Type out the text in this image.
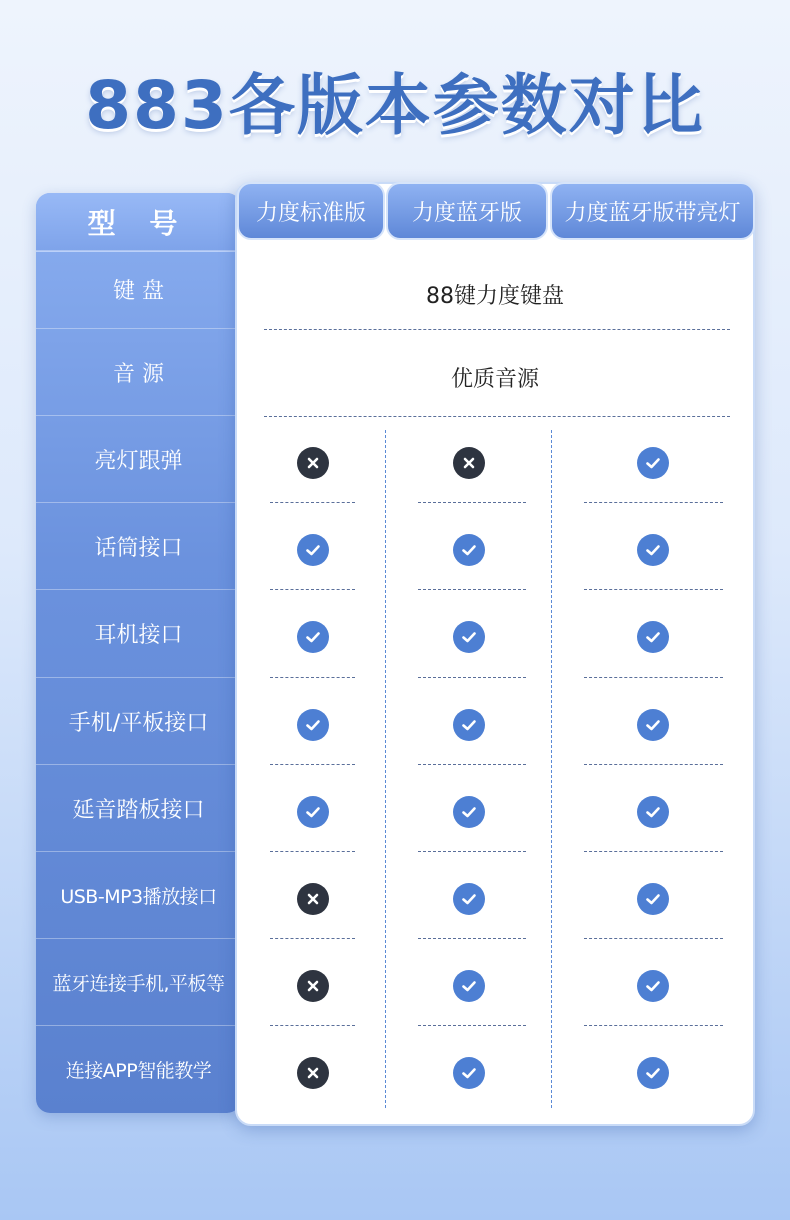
883各版本参数对比
型 号
键 盘
音 源
亮灯跟弹
话筒接口
耳机接口
手机/平板接口
延音踏板接口
USB-MP3播放接口
蓝牙连接手机,平板等
连接APP智能教学
力度标准版	力度蓝牙版	力度蓝牙版带亮灯
88键力度键盘
优质音源
